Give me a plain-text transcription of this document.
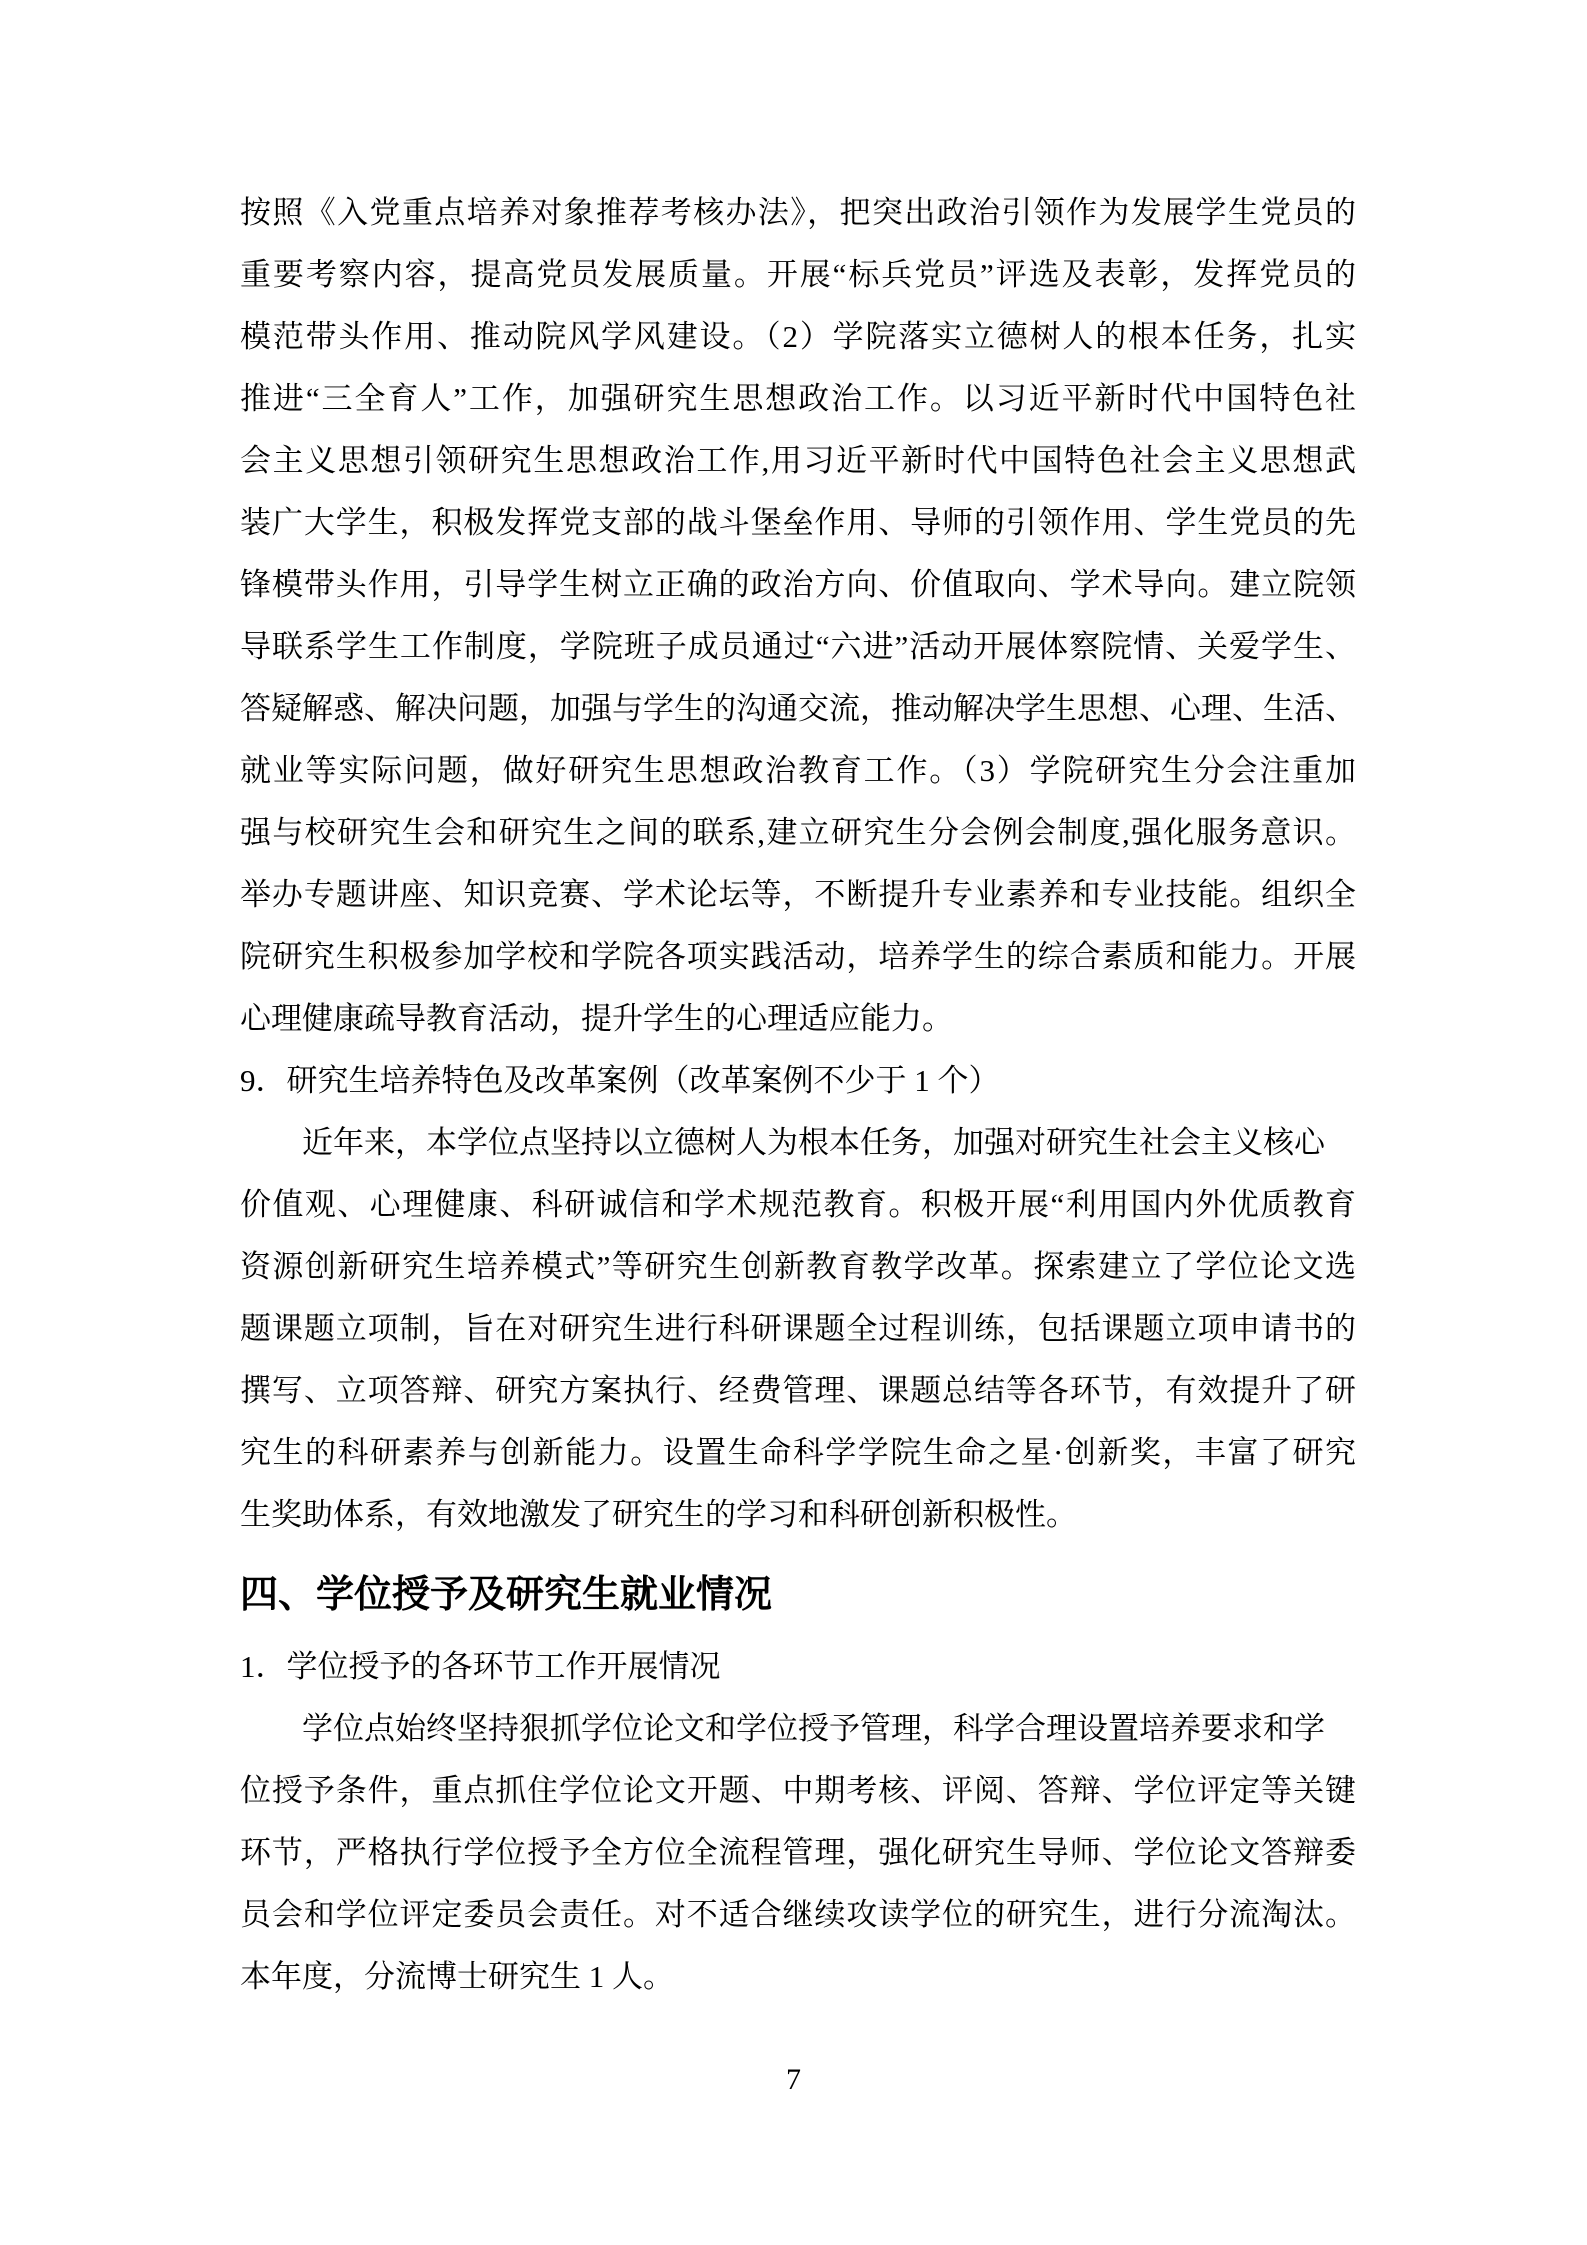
按照《入党重点培养对象推荐考核办法》，把突出政治引领作为发展学生党员的
重要考察内容，提高党员发展质量。开展“标兵党员”评选及表彰，发挥党员的
模范带头作用、推动院风学风建设。（2）学院落实立德树人的根本任务，扎实
推进“三全育人”工作，加强研究生思想政治工作。以习近平新时代中国特色社
会主义思想引领研究生思想政治工作,用习近平新时代中国特色社会主义思想武
装广大学生，积极发挥党支部的战斗堡垒作用、导师的引领作用、学生党员的先
锋模带头作用，引导学生树立正确的政治方向、价值取向、学术导向。建立院领
导联系学生工作制度，学院班子成员通过“六进”活动开展体察院情、关爱学生、
答疑解惑、解决问题，加强与学生的沟通交流，推动解决学生思想、心理、生活、
就业等实际问题，做好研究生思想政治教育工作。（3）学院研究生分会注重加
强与校研究生会和研究生之间的联系,建立研究生分会例会制度,强化服务意识。
举办专题讲座、知识竞赛、学术论坛等，不断提升专业素养和专业技能。组织全
院研究生积极参加学校和学院各项实践活动，培养学生的综合素质和能力。开展
心理健康疏导教育活动，提升学生的心理适应能力。
9．研究生培养特色及改革案例（改革案例不少于 1 个）
近年来，本学位点坚持以立德树人为根本任务，加强对研究生社会主义核心
价值观、心理健康、科研诚信和学术规范教育。积极开展“利用国内外优质教育
资源创新研究生培养模式”等研究生创新教育教学改革。探索建立了学位论文选
题课题立项制，旨在对研究生进行科研课题全过程训练，包括课题立项申请书的
撰写、立项答辩、研究方案执行、经费管理、课题总结等各环节，有效提升了研
究生的科研素养与创新能力。设置生命科学学院生命之星·创新奖，丰富了研究
生奖助体系，有效地激发了研究生的学习和科研创新积极性。
四、学位授予及研究生就业情况
1．学位授予的各环节工作开展情况
学位点始终坚持狠抓学位论文和学位授予管理，科学合理设置培养要求和学
位授予条件，重点抓住学位论文开题、中期考核、评阅、答辩、学位评定等关键
环节，严格执行学位授予全方位全流程管理，强化研究生导师、学位论文答辩委
员会和学位评定委员会责任。对不适合继续攻读学位的研究生，进行分流淘汰。
本年度，分流博士研究生 1 人。
7
